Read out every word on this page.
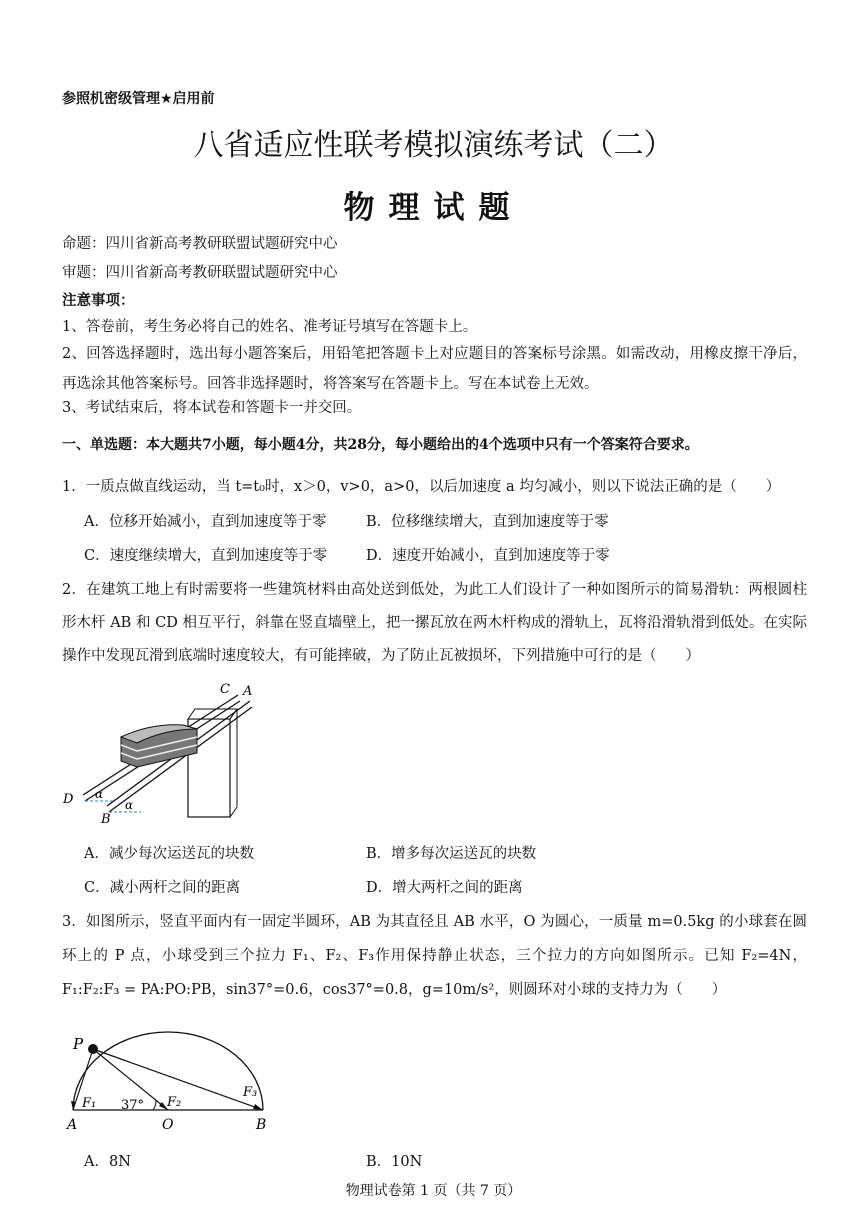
参照机密级管理★启用前
八省适应性联考模拟演练考试（二）
物理试题
命题：四川省新高考教研联盟试题研究中心
审题：四川省新高考教研联盟试题研究中心
注意事项：
1、答卷前，考生务必将自己的姓名、准考证号填写在答题卡上。
2、回答选择题时，选出每小题答案后，用铅笔把答题卡上对应题目的答案标号涂黑。如需改动，用橡皮擦干净后，再选涂其他答案标号。回答非选择题时，将答案写在答题卡上。写在本试卷上无效。
3、考试结束后，将本试卷和答题卡一并交回。
一、单选题：本大题共7小题，每小题4分，共28分，每小题给出的4个选项中只有一个答案符合要求。
1．一质点做直线运动，当 t=t₀时，x＞0，v>0，a>0，以后加速度 a 均匀减小，则以下说法正确的是（　　）
A．位移开始减小，直到加速度等于零	B．位移继续增大，直到加速度等于零
C．速度继续增大，直到加速度等于零	D．速度开始减小，直到加速度等于零
2．在建筑工地上有时需要将一些建筑材料由高处送到低处，为此工人们设计了一种如图所示的简易滑轨：两根圆柱形木杆 AB 和 CD 相互平行，斜靠在竖直墙壁上，把一摞瓦放在两木杆构成的滑轨上，瓦将沿滑轨滑到低处。在实际操作中发现瓦滑到底端时速度较大，有可能摔破，为了防止瓦被损坏，下列措施中可行的是（　　）
C A
D
B
α
α
A．减少每次运送瓦的块数	B．增多每次运送瓦的块数
C．减小两杆之间的距离	D．增大两杆之间的距离
3．如图所示，竖直平面内有一固定半圆环，AB 为其直径且 AB 水平，O 为圆心，一质量 m=0.5kg 的小球套在圆环上的 P 点，小球受到三个拉力 F₁、F₂、F₃作用保持静止状态，三个拉力的方向如图所示。已知 F₂=4N，F₁:F₂:F₃ = PA:PO:PB，sin37°=0.6，cos37°=0.8，g=10m/s²，则圆环对小球的支持力为（　　）
P
A	O	B
F₁	F₂
F₃
37°
A．8N	B．10N
物理试卷第 1 页（共 7 页）
